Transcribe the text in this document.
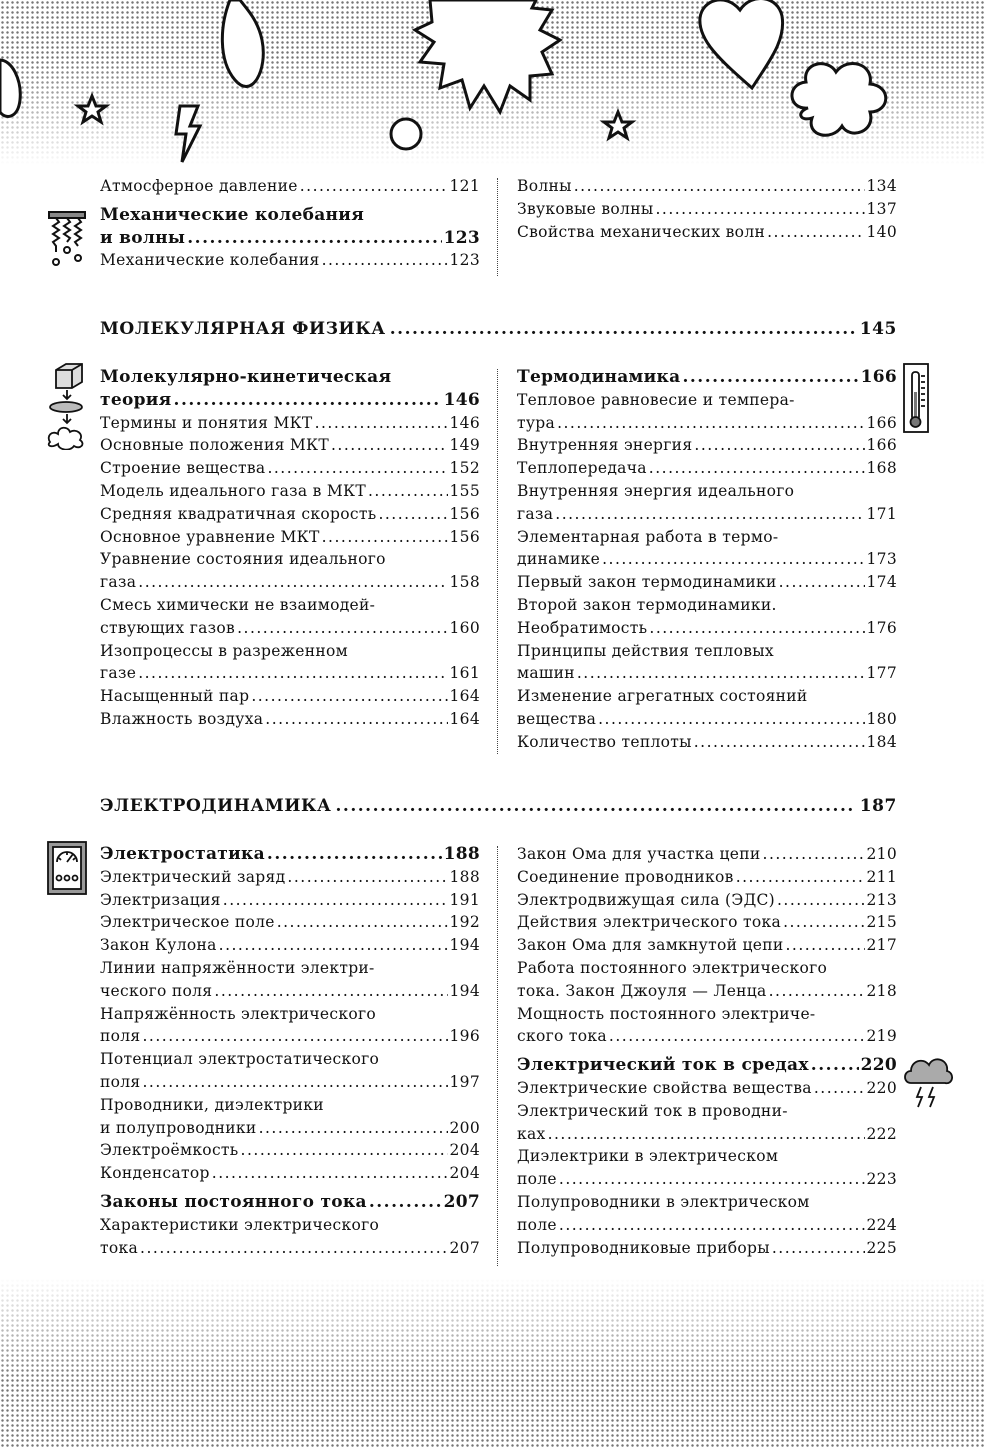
Атмосферное давление .....	121
Механические колебания
и волны .....	123
Механические колебания .....	123
Волны .....	134
Звуковые волны .....	137
Свойства механических волн .....	140
МОЛЕКУЛЯРНАЯ ФИЗИКА .....	145
Молекулярно-кинетическая
теория .....	146
Термины и понятия МКТ .....	146
Основные положения МКТ .....	149
Строение вещества .....	152
Модель идеального газа в МКТ .....	155
Средняя квадратичная скорость .....	156
Основное уравнение МКТ .....	156
Уравнение состояния идеального
газа .....	158
Смесь химически не взаимодей-
ствующих газов .....	160
Изопроцессы в разреженном
газе .....	161
Насыщенный пар .....	164
Влажность воздуха .....	164
Термодинамика .....	166
Тепловое равновесие и темпера-
тура .....	166
Внутренняя энергия .....	166
Теплопередача .....	168
Внутренняя энергия идеального
газа .....	171
Элементарная работа в термо-
динамике .....	173
Первый закон термодинамики .....	174
Второй закон термодинамики.
Необратимость .....	176
Принципы действия тепловых
машин .....	177
Изменение агрегатных состояний
вещества .....	180
Количество теплоты .....	184
ЭЛЕКТРОДИНАМИКА .....	187
Электростатика .....	188
Электрический заряд .....	188
Электризация .....	191
Электрическое поле .....	192
Закон Кулона .....	194
Линии напряжённости электри-
ческого поля .....	194
Напряжённость электрического
поля .....	196
Потенциал электростатического
поля .....	197
Проводники, диэлектрики
и полупроводники .....	200
Электроёмкость .....	204
Конденсатор .....	204
Законы постоянного тока .....	207
Характеристики электрического
тока .....	207
Закон Ома для участка цепи .....	210
Соединение проводников .....	211
Электродвижущая сила (ЭДС) .....	213
Действия электрического тока .....	215
Закон Ома для замкнутой цепи .....	217
Работа постоянного электрического
тока. Закон Джоуля — Ленца .....	218
Мощность постоянного электриче-
ского тока .....	219
Электрический ток в средах .....	220
Электрические свойства вещества .....	220
Электрический ток в проводни-
ках .....	222
Диэлектрики в электрическом
поле .....	223
Полупроводники в электрическом
поле .....	224
Полупроводниковые приборы .....	225
